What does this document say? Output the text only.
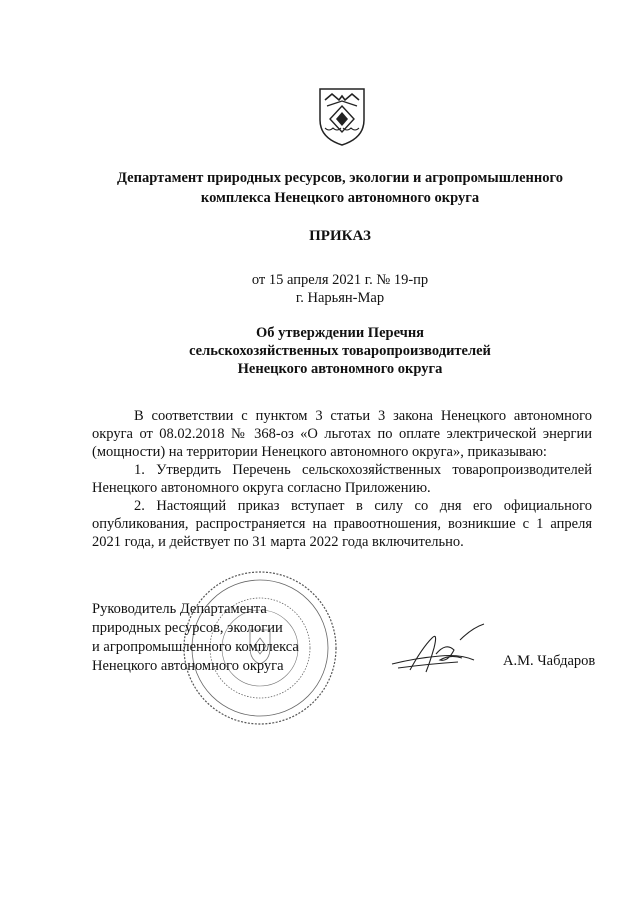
Департамент природных ресурсов, экологии и агропромышленного
комплекса Ненецкого автономного округа
ПРИКАЗ
от 15 апреля 2021 г. № 19-пр
г. Нарьян-Мар
Об утверждении Перечня
сельскохозяйственных товаропроизводителей
Ненецкого автономного округа

В соответствии с пунктом 3 статьи 3 закона Ненецкого автономного округа от 08.02.2018 № 368-оз «О льготах по оплате электрической энергии (мощности) на территории Ненецкого автономного округа», приказываю:

1. Утвердить Перечень сельскохозяйственных товаропроизводителей Ненецкого автономного округа согласно Приложению.

2. Настоящий приказ вступает в силу со дня его официального опубликования, распространяется на правоотношения, возникшие с 1 апреля 2021 года, и действует по 31 марта 2022 года включительно.

Руководитель Департамента
природных ресурсов, экологии
и агропромышленного комплекса
Ненецкого автономного округа	А.М. Чабдаров
